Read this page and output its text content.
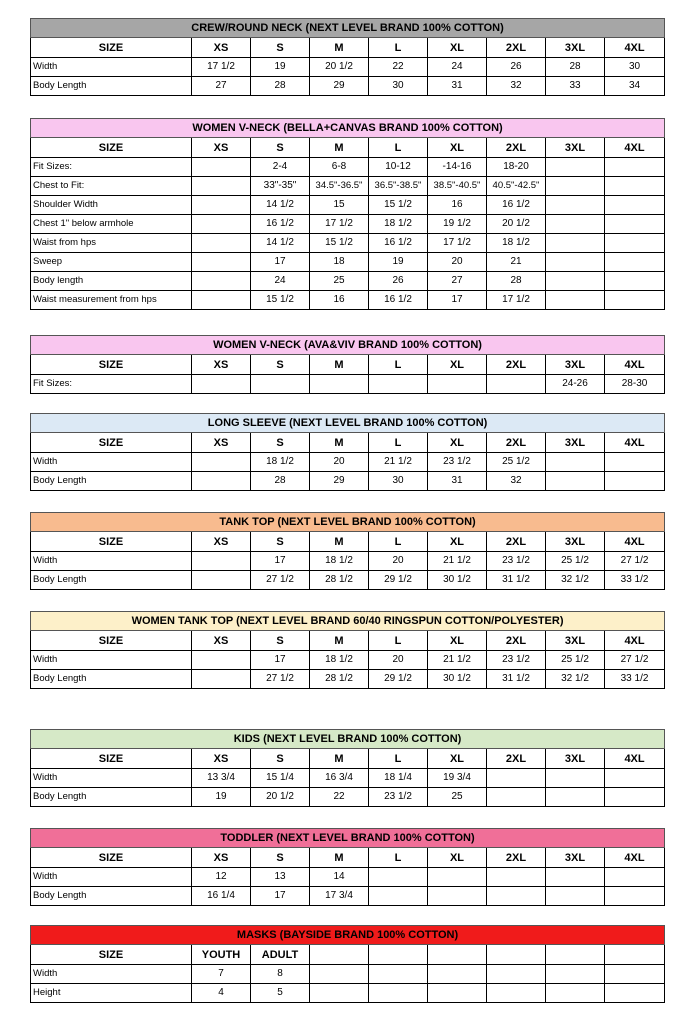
CREW/ROUND NECK (NEXT LEVEL BRAND 100% COTTON)								
SIZE	XS	S	M	L	XL	2XL	3XL	4XL
Width	17 1/2	19	20 1/2	22	24	26	28	30
Body Length	27	28	29	30	31	32	33	34
WOMEN V-NECK (BELLA+CANVAS BRAND 100% COTTON)								
SIZE	XS	S	M	L	XL	2XL	3XL	4XL
Fit Sizes:		2-4	6-8	10-12	-14-16	18-20		
Chest to Fit:		33"-35"	34.5"-36.5"	36.5"-38.5"	38.5"-40.5"	40.5"-42.5"		
Shoulder Width		14 1/2	15	15 1/2	16	16 1/2		
Chest 1" below armhole		16 1/2	17 1/2	18 1/2	19 1/2	20 1/2		
Waist from hps		14 1/2	15 1/2	16 1/2	17 1/2	18 1/2		
Sweep		17	18	19	20	21		
Body length		24	25	26	27	28		
Waist measurement from hps		15 1/2	16	16 1/2	17	17 1/2		
WOMEN V-NECK (AVA&VIV BRAND 100% COTTON)								
SIZE	XS	S	M	L	XL	2XL	3XL	4XL
Fit Sizes:							24-26	28-30
LONG SLEEVE (NEXT LEVEL BRAND 100% COTTON)								
SIZE	XS	S	M	L	XL	2XL	3XL	4XL
Width		18 1/2	20	21 1/2	23 1/2	25 1/2		
Body Length		28	29	30	31	32		
TANK TOP (NEXT LEVEL BRAND 100% COTTON)								
SIZE	XS	S	M	L	XL	2XL	3XL	4XL
Width		17	18 1/2	20	21 1/2	23 1/2	25 1/2	27 1/2
Body Length		27 1/2	28 1/2	29 1/2	30 1/2	31 1/2	32 1/2	33 1/2
WOMEN TANK TOP (NEXT LEVEL BRAND 60/40 RINGSPUN COTTON/POLYESTER)								
SIZE	XS	S	M	L	XL	2XL	3XL	4XL
Width		17	18 1/2	20	21 1/2	23 1/2	25 1/2	27 1/2
Body Length		27 1/2	28 1/2	29 1/2	30 1/2	31 1/2	32 1/2	33 1/2
KIDS (NEXT LEVEL BRAND 100% COTTON)								
SIZE	XS	S	M	L	XL	2XL	3XL	4XL
Width	13 3/4	15 1/4	16 3/4	18 1/4	19 3/4			
Body Length	19	20 1/2	22	23 1/2	25			
TODDLER (NEXT LEVEL BRAND 100% COTTON)								
SIZE	XS	S	M	L	XL	2XL	3XL	4XL
Width	12	13	14					
Body Length	16 1/4	17	17 3/4					
MASKS (BAYSIDE BRAND 100% COTTON)								
SIZE	YOUTH	ADULT						
Width	7	8						
Height	4	5						
